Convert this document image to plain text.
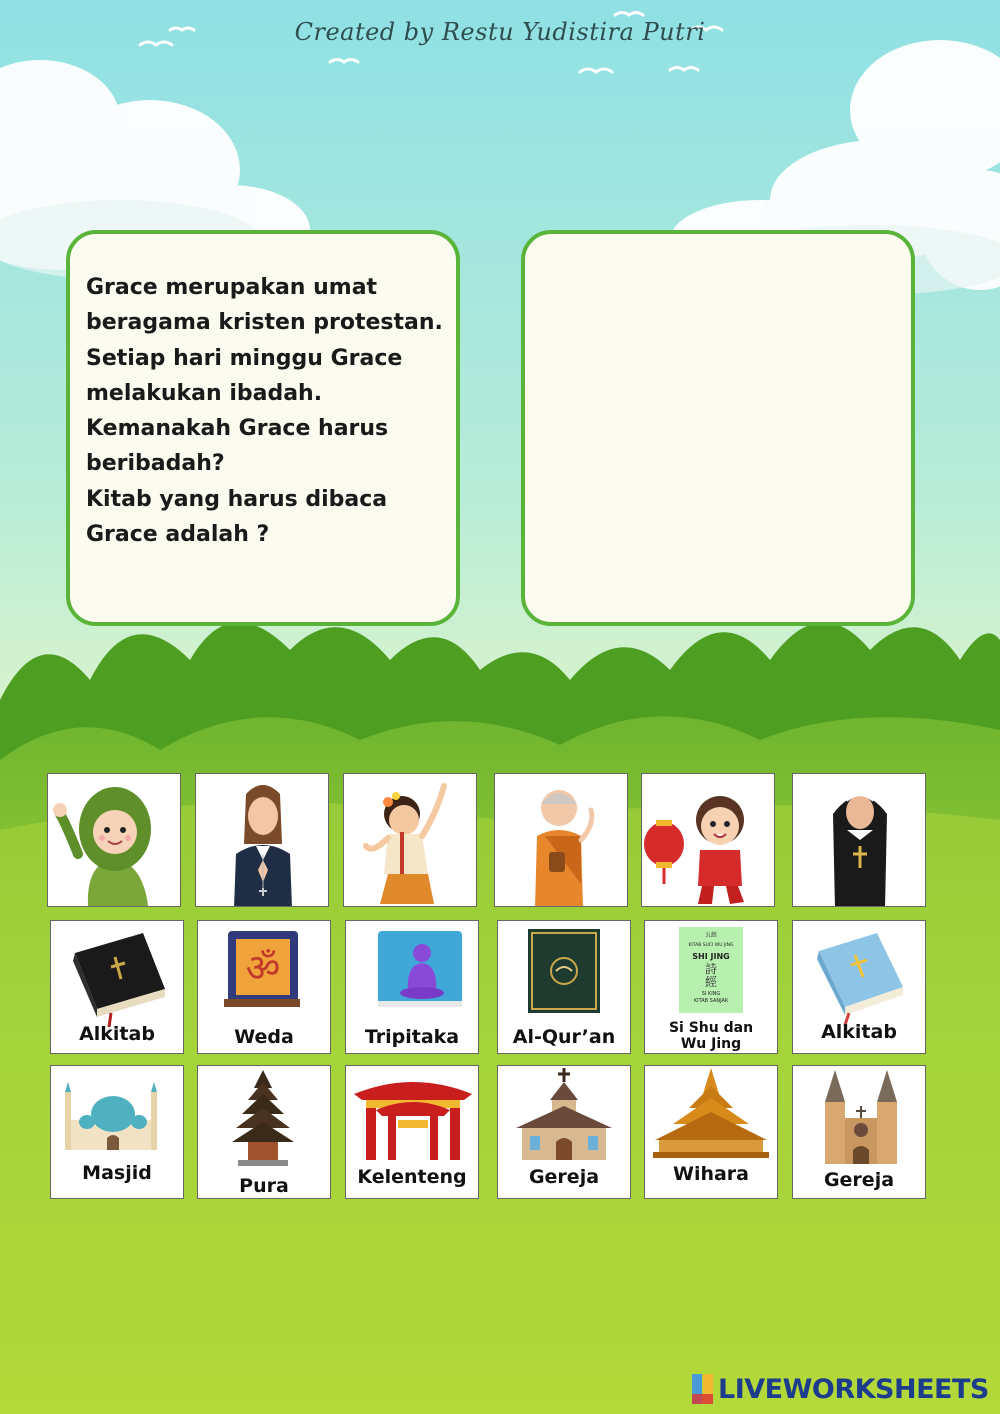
Created by Restu Yudistira Putri
Grace merupakan umat
beragama kristen protestan.
Setiap hari minggu Grace
melakukan ibadah.
Kemanakah Grace harus
beribadah?
Kitab yang harus dibaca
Grace adalah ?
Alkitab
ॐ
Weda	Tripitaka	Al-Qur’an
五經
KITAB SUCI WU JING
SHI JING
詩
經
SI KING
KITAB SANJAK
Si Shu dan
Wu Jing
Alkitab
Masjid
Pura	Kelenteng	Gereja	Wihara	Gereja
LIVEWORKSHEETS
